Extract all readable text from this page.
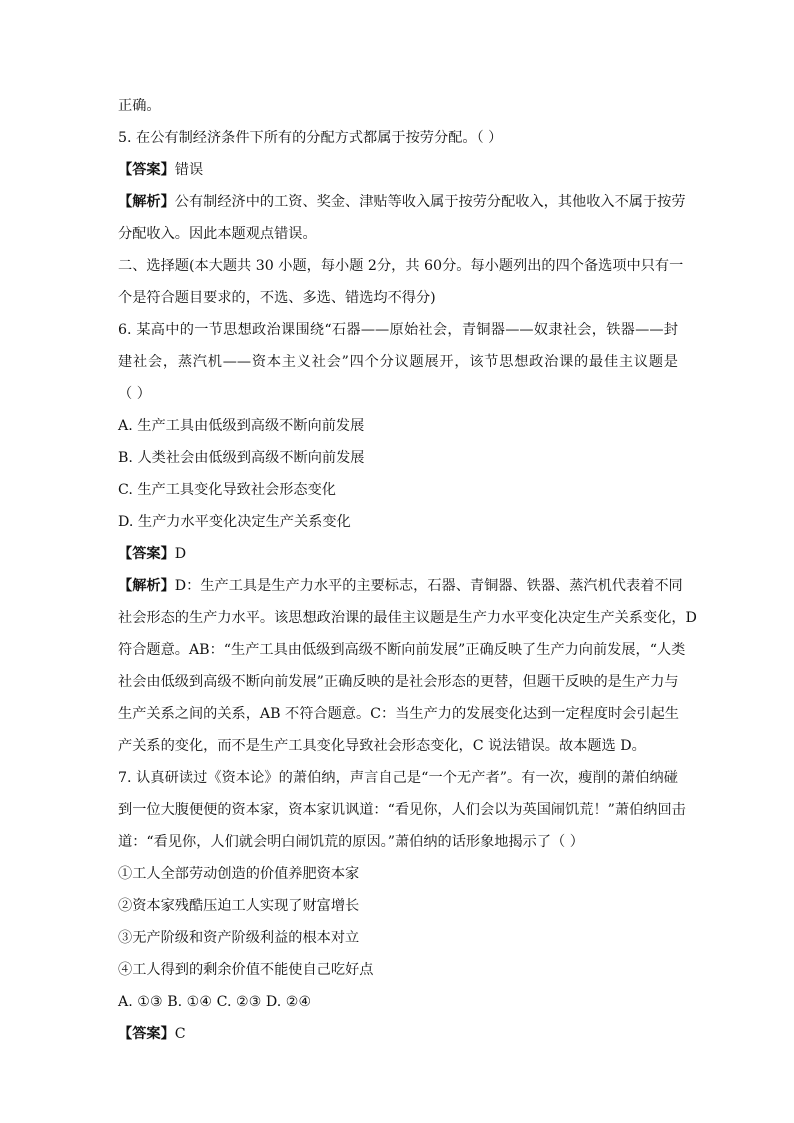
正确。
5. 在公有制经济条件下所有的分配方式都属于按劳分配。（ ）
【答案】错误
【解析】公有制经济中的工资、奖金、津贴等收入属于按劳分配收入，其他收入不属于按劳
分配收入。因此本题观点错误。
二、选择题(本大题共 30 小题，每小题 2分，共 60分。每小题列出的四个备选项中只有一
个是符合题目要求的，不选、多选、错选均不得分)
6. 某高中的一节思想政治课围绕“石器——原始社会，青铜器——奴隶社会，铁器——封
建社会，蒸汽机——资本主义社会”四个分议题展开，该节思想政治课的最佳主议题是
（ ）
A. 生产工具由低级到高级不断向前发展
B. 人类社会由低级到高级不断向前发展
C. 生产工具变化导致社会形态变化
D. 生产力水平变化决定生产关系变化
【答案】D
【解析】D：生产工具是生产力水平的主要标志，石器、青铜器、铁器、蒸汽机代表着不同
社会形态的生产力水平。该思想政治课的最佳主议题是生产力水平变化决定生产关系变化，D
符合题意。AB：“生产工具由低级到高级不断向前发展”正确反映了生产力向前发展，“人类
社会由低级到高级不断向前发展”正确反映的是社会形态的更替，但题干反映的是生产力与
生产关系之间的关系，AB 不符合题意。C：当生产力的发展变化达到一定程度时会引起生
产关系的变化，而不是生产工具变化导致社会形态变化，C 说法错误。故本题选 D。
7. 认真研读过《资本论》的萧伯纳，声言自己是“一个无产者”。有一次，瘦削的萧伯纳碰
到一位大腹便便的资本家，资本家讥讽道：“看见你，人们会以为英国闹饥荒！”萧伯纳回击
道：“看见你，人们就会明白闹饥荒的原因。”萧伯纳的话形象地揭示了（ ）
①工人全部劳动创造的价值养肥资本家
②资本家残酷压迫工人实现了财富增长
③无产阶级和资产阶级利益的根本对立
④工人得到的剩余价值不能使自己吃好点
A. ①③ B. ①④ C. ②③ D. ②④
【答案】C
